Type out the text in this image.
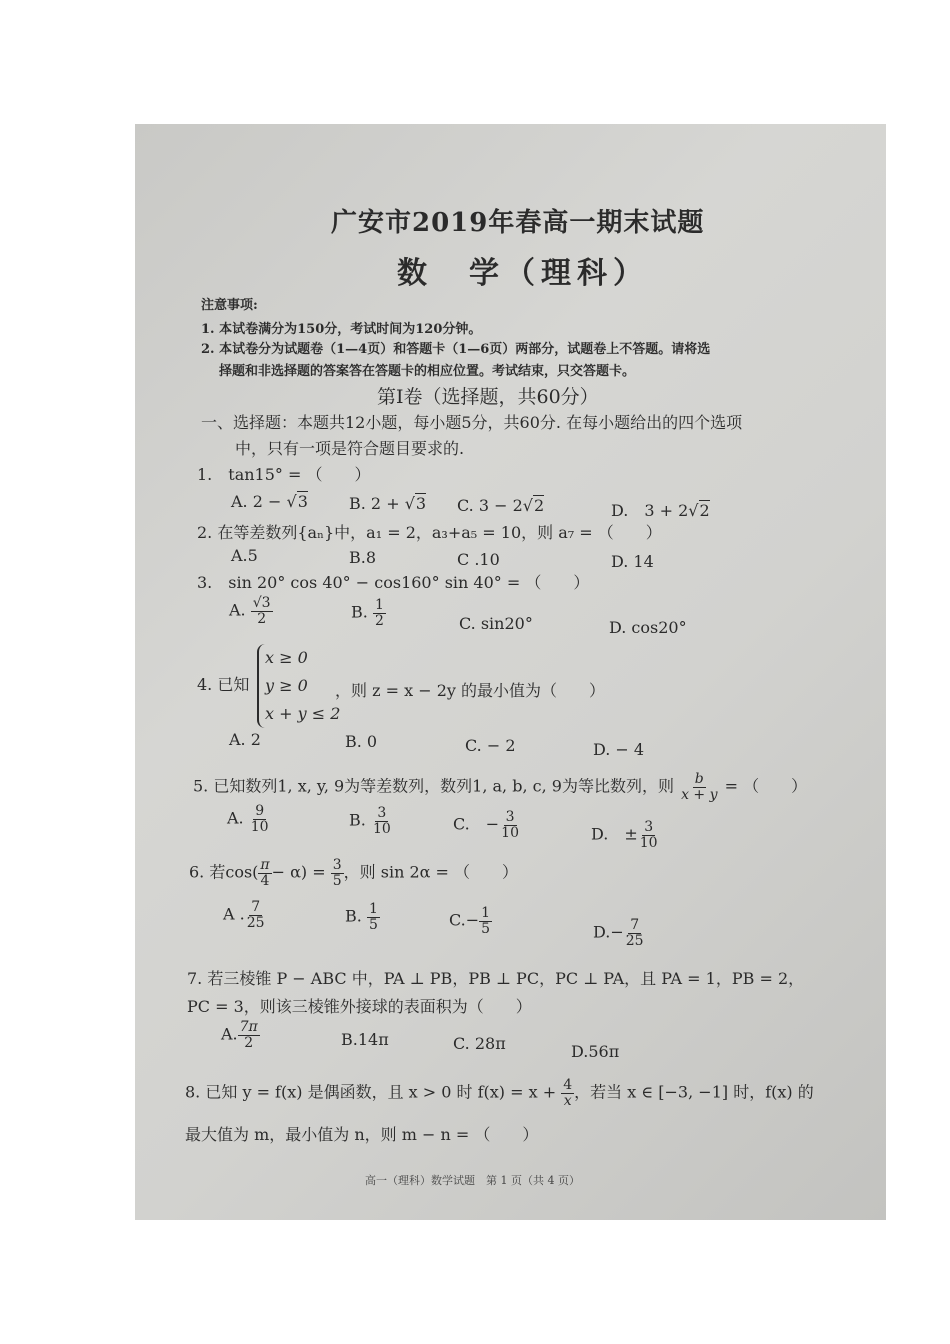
广安市2019年春高一期末试题
数　学（理科）
注意事项:
1. 本试卷满分为150分，考试时间为120分钟。
2. 本试卷分为试题卷（1—4页）和答题卡（1—6页）两部分，试题卷上不答题。请将选
择题和非选择题的答案答在答题卡的相应位置。考试结束，只交答题卡。
第Ⅰ卷（选择题，共60分）
一、选择题：本题共12小题，每小题5分，共60分. 在每小题给出的四个选项
中，只有一项是符合题目要求的.
1.　tan15° = （　　）
A. 2 − √3	B. 2 + √3 C. 3 − 2√2	D.　3 + 2√2
2. 在等差数列{aₙ}中，a₁ = 2，a₃+a₅ = 10，则 a₇ = （　　）
A.5	B.8	C .10	D. 14
3.　sin 20° cos 40° − cos160° sin 40° = （　　）
A. $\frac{√3}{2}$	B. $\frac{1}{2}$	C. sin20°	D. cos20°
4. 已知
x ≥ 0
y ≥ 0
x + y ≤ 2
，则 z = x − 2y 的最小值为（　　）
A. 2	B. 0	C. − 2	D. − 4
5. 已知数列1, x, y, 9为等差数列，数列1, a, b, c, 9为等比数列，则 $\frac{b}{x + y}$ = （　　）
A. $\frac{9}{10}$	B. $\frac{3}{10}$	C.　− $\frac{3}{10}$	D.　± $\frac{3}{10}$
6. 若$\cos( \frac{\pi}{4} - \alpha) = \frac{3}{5}$ ，则 sin 2α = （　　）
A . $\frac{7}{25}$	B. $\frac{1}{5}$	$C.- \frac{1}{5}$	$D.- \frac{7}{25}$
7. 若三棱锥 P − ABC 中，PA ⊥ PB，PB ⊥ PC，PC ⊥ PA，且 PA = 1，PB = 2，
PC = 3，则该三棱锥外接球的表面积为（　　）
A. $\frac{7\pi}{2}$	B.14π	C. 28π	D.56π
8. 已知 y = f(x) 是偶函数，且 x > 0 时 $f(x) = x + \frac{4}{x}$ ，若当 x ∈ [−3, −1] 时，f(x) 的
最大值为 m，最小值为 n，则 m − n = （　　）
高一（理科）数学试题　第 1 页（共 4 页）
